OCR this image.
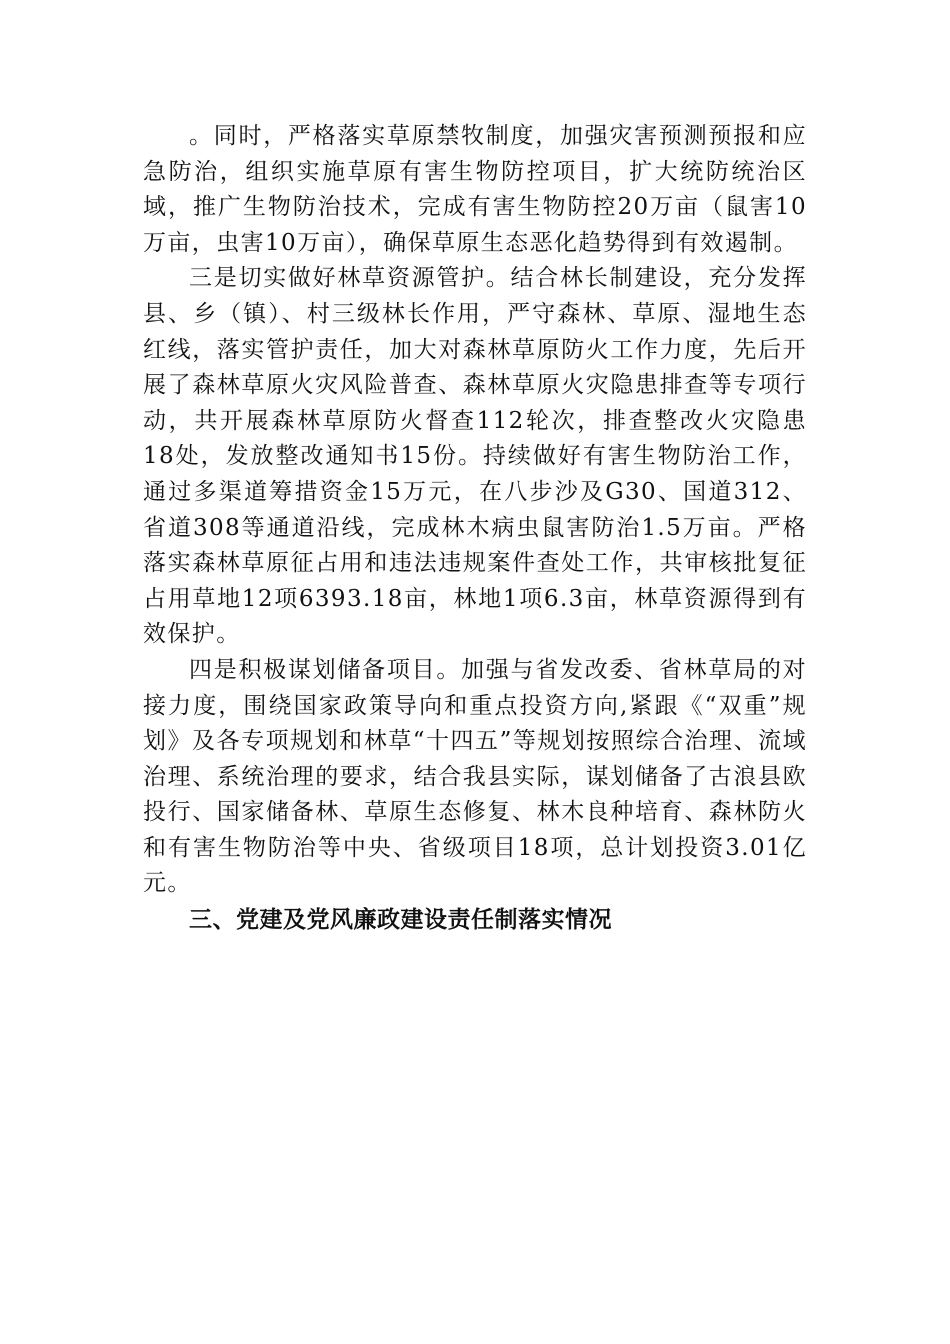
。同时，严格落实草原禁牧制度，加强灾害预测预报和应急防治，组织实施草原有害生物防控项目，扩大统防统治区域，推广生物防治技术，完成有害生物防控20万亩（鼠害10万亩，虫害10万亩），确保草原生态恶化趋势得到有效遏制。

三是切实做好林草资源管护。结合林长制建设，充分发挥县、乡（镇）、村三级林长作用，严守森林、草原、湿地生态红线，落实管护责任，加大对森林草原防火工作力度，先后开展了森林草原火灾风险普查、森林草原火灾隐患排查等专项行动，共开展森林草原防火督查112轮次，排查整改火灾隐患18处，发放整改通知书15份。持续做好有害生物防治工作，通过多渠道筹措资金15万元，在八步沙及G30、国道312、省道308等通道沿线，完成林木病虫鼠害防治1.5万亩。严格落实森林草原征占用和违法违规案件查处工作，共审核批复征占用草地12项6393.18亩，林地1项6.3亩，林草资源得到有效保护。

四是积极谋划储备项目。加强与省发改委、省林草局的对接力度，围绕国家政策导向和重点投资方向,紧跟《“双重”规划》及各专项规划和林草“十四五”等规划按照综合治理、流域治理、系统治理的要求，结合我县实际，谋划储备了古浪县欧投行、国家储备林、草原生态修复、林木良种培育、森林防火和有害生物防治等中央、省级项目18项，总计划投资3.01亿元。

三、党建及党风廉政建设责任制落实情况
